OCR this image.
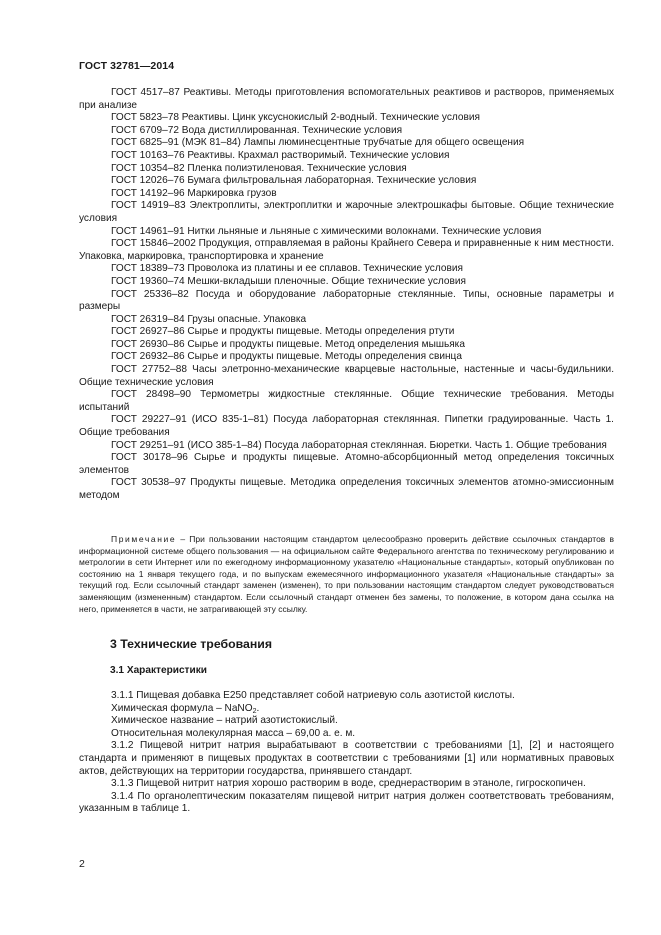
ГОСТ 32781—2014

ГОСТ 4517–87 Реактивы. Методы приготовления вспомогательных реактивов и растворов, применяемых при анализе

ГОСТ 5823–78 Реактивы. Цинк уксуснокислый 2-водный. Технические условия

ГОСТ 6709–72 Вода дистиллированная. Технические условия

ГОСТ 6825–91 (МЭК 81–84) Лампы люминесцентные трубчатые для общего освещения

ГОСТ 10163–76 Реактивы. Крахмал растворимый. Технические условия

ГОСТ 10354–82 Пленка полиэтиленовая. Технические условия

ГОСТ 12026–76 Бумага фильтровальная лабораторная. Технические условия

ГОСТ 14192–96 Маркировка грузов

ГОСТ 14919–83 Электроплиты, электроплитки и жарочные электрошкафы бытовые. Общие технические условия

ГОСТ 14961–91 Нитки льняные и льняные с химическими волокнами. Технические условия

ГОСТ 15846–2002 Продукция, отправляемая в районы Крайнего Севера и приравненные к ним местности. Упаковка, маркировка, транспортировка и хранение

ГОСТ 18389–73 Проволока из платины и ее сплавов. Технические условия

ГОСТ 19360–74 Мешки-вкладыши пленочные. Общие технические условия

ГОСТ 25336–82 Посуда и оборудование лабораторные стеклянные. Типы, основные параметры и размеры

ГОСТ 26319–84 Грузы опасные. Упаковка

ГОСТ 26927–86 Сырье и продукты пищевые. Методы определения ртути

ГОСТ 26930–86 Сырье и продукты пищевые. Метод определения мышьяка

ГОСТ 26932–86 Сырье и продукты пищевые. Методы определения свинца

ГОСТ 27752–88 Часы элетронно-механические кварцевые настольные, настенные и часы-будильники. Общие технические условия

ГОСТ 28498–90 Термометры жидкостные стеклянные. Общие технические требования. Методы испытаний

ГОСТ 29227–91 (ИСО 835-1–81) Посуда лабораторная стеклянная. Пипетки градуированные. Часть 1. Общие требования

ГОСТ 29251–91 (ИСО 385-1–84) Посуда лабораторная стеклянная. Бюретки. Часть 1. Общие требования

ГОСТ 30178–96 Сырье и продукты пищевые. Атомно-абсорбционный метод определения токсичных элементов

ГОСТ 30538–97 Продукты пищевые. Методика определения токсичных элементов атомно-эмиссионным методом

Примечание – При пользовании настоящим стандартом целесообразно проверить действие ссылочных стандартов в информационной системе общего пользования — на официальном сайте Федерального агентства по техническому регулированию и метрологии в сети Интернет или по ежегодному информационному указателю «Национальные стандарты», который опубликован по состоянию на 1 января текущего года, и по выпускам ежемесячного информационного указателя «Национальные стандарты» за текущий год. Если ссылочный стандарт заменен (изменен), то при пользовании настоящим стандартом следует руководствоваться заменяющим (измененным) стандартом. Если ссылочный стандарт отменен без замены, то положение, в котором дана ссылка на него, применяется в части, не затрагивающей эту ссылку.

3 Технические требования
3.1 Характеристики

3.1.1 Пищевая добавка Е250 представляет собой натриевую соль азотистой кислоты.

Химическая формула – NaNO$_2$.

Химическое название – натрий азотистокислый.

Относительная молекулярная масса – 69,00 а. е. м.

3.1.2 Пищевой нитрит натрия вырабатывают в соответствии с требованиями [1], [2] и настоящего стандарта и применяют в пищевых продуктах в соответствии с требованиями [1] или нормативных правовых актов, действующих на территории государства, принявшего стандарт.

3.1.3 Пищевой нитрит натрия хорошо растворим в воде, среднерастворим в этаноле, гигроскопичен.

3.1.4 По органолептическим показателям пищевой нитрит натрия должен соответствовать требованиям, указанным в таблице 1.

2
